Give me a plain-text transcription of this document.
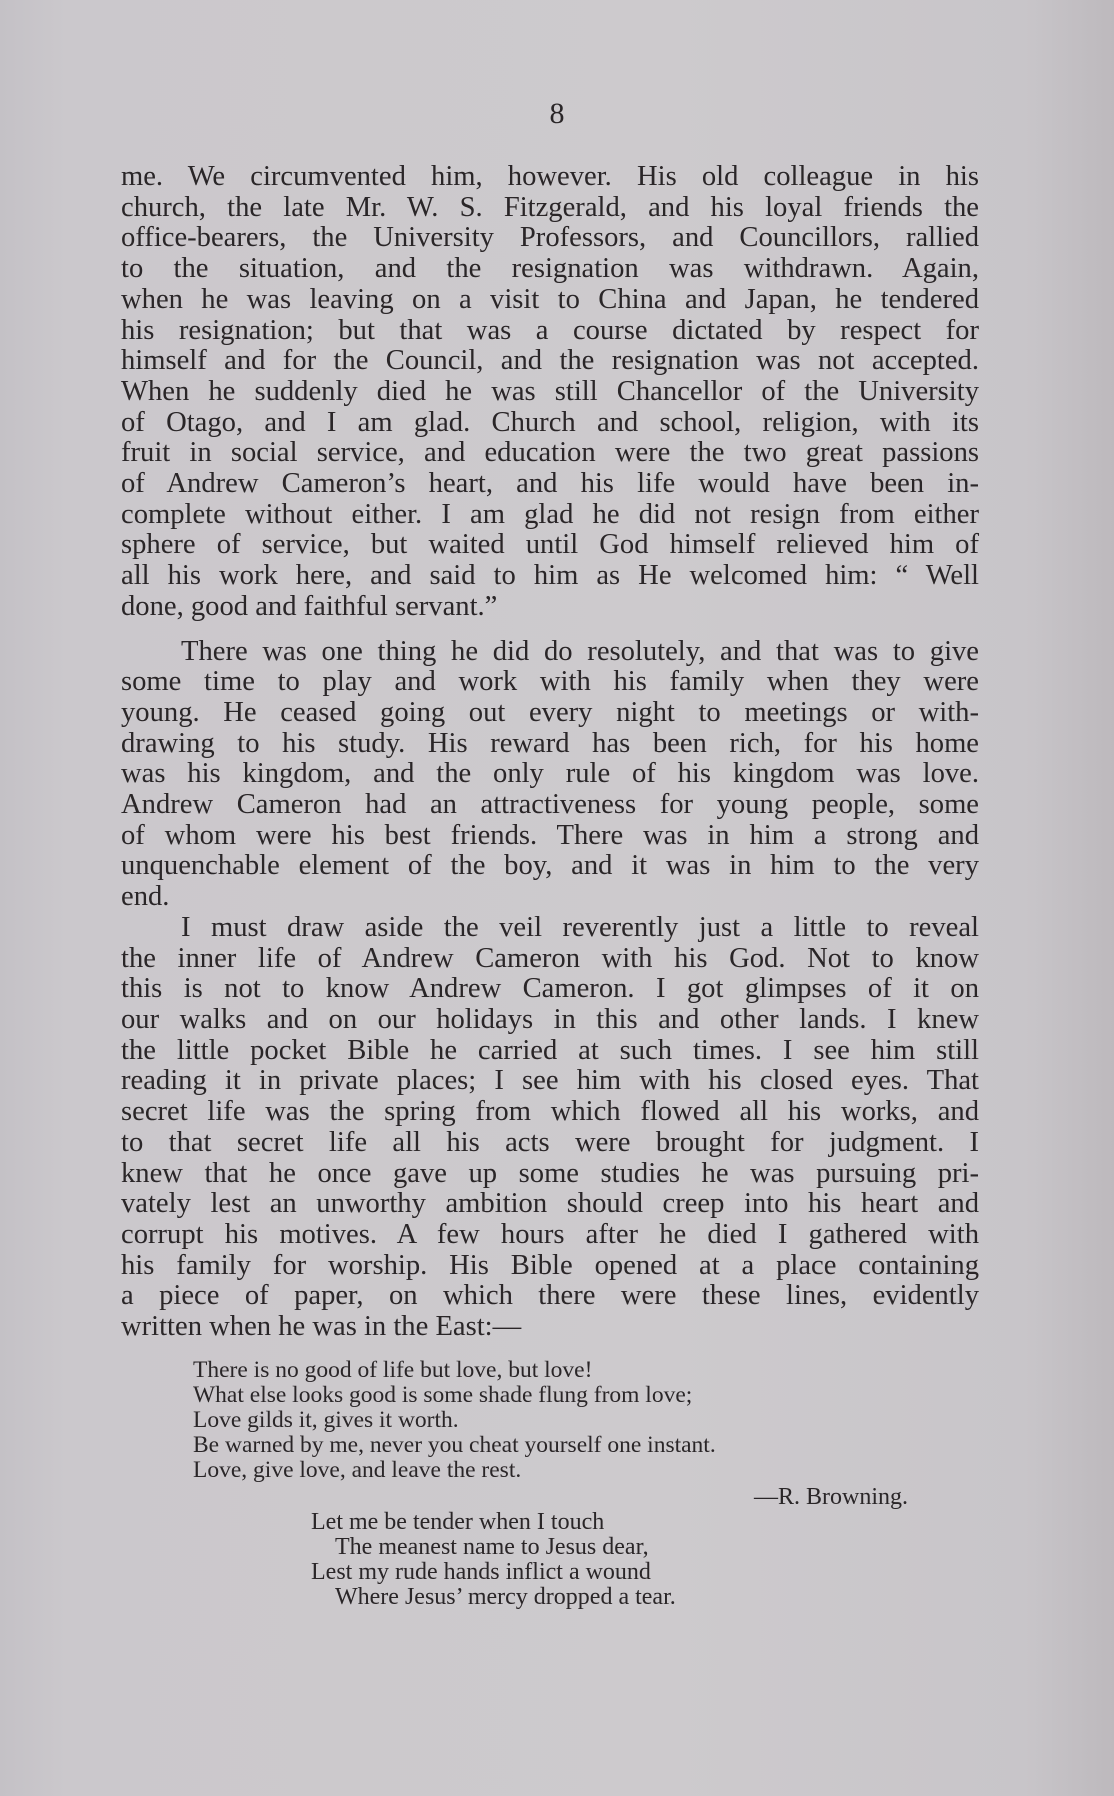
8
me. We circumvented him, however. His old colleague in his
church, the late Mr. W. S. Fitzgerald, and his loyal friends the
office-bearers, the University Professors, and Councillors, rallied
to the situation, and the resignation was withdrawn. Again,
when he was leaving on a visit to China and Japan, he tendered
his resignation; but that was a course dictated by respect for
himself and for the Council, and the resignation was not accepted.
When he suddenly died he was still Chancellor of the University
of Otago, and I am glad. Church and school, religion, with its
fruit in social service, and education were the two great passions
of Andrew Cameron’s heart, and his life would have been in-
complete without either. I am glad he did not resign from either
sphere of service, but waited until God himself relieved him of
all his work here, and said to him as He welcomed him: “ Well
done, good and faithful servant.”
There was one thing he did do resolutely, and that was to give
some time to play and work with his family when they were
young. He ceased going out every night to meetings or with-
drawing to his study. His reward has been rich, for his home
was his kingdom, and the only rule of his kingdom was love.
Andrew Cameron had an attractiveness for young people, some
of whom were his best friends. There was in him a strong and
unquenchable element of the boy, and it was in him to the very
end.
I must draw aside the veil reverently just a little to reveal
the inner life of Andrew Cameron with his God. Not to know
this is not to know Andrew Cameron. I got glimpses of it on
our walks and on our holidays in this and other lands. I knew
the little pocket Bible he carried at such times. I see him still
reading it in private places; I see him with his closed eyes. That
secret life was the spring from which flowed all his works, and
to that secret life all his acts were brought for judgment. I
knew that he once gave up some studies he was pursuing pri-
vately lest an unworthy ambition should creep into his heart and
corrupt his motives. A few hours after he died I gathered with
his family for worship. His Bible opened at a place containing
a piece of paper, on which there were these lines, evidently
written when he was in the East:—
There is no good of life but love, but love!
What else looks good is some shade flung from love;
Love gilds it, gives it worth.
Be warned by me, never you cheat yourself one instant.
Love, give love, and leave the rest.
—R. Browning.
Let me be tender when I touch
The meanest name to Jesus dear,
Lest my rude hands inflict a wound
Where Jesus’ mercy dropped a tear.
